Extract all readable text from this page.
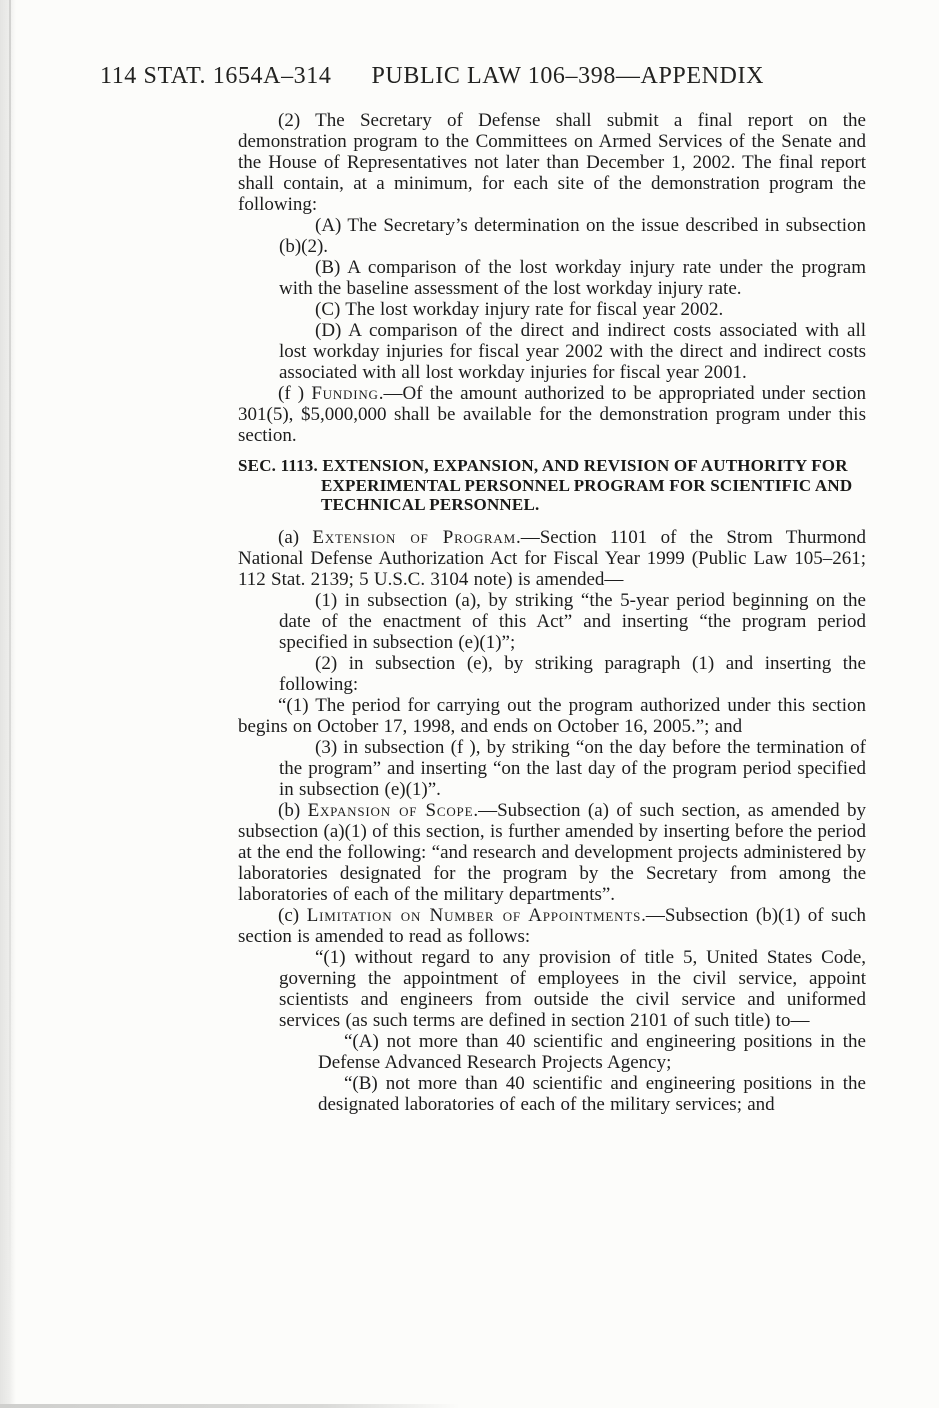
114 STAT. 1654A–314 PUBLIC LAW 106–398—APPENDIX

(2) The Secretary of Defense shall submit a final report on the demonstration program to the Committees on Armed Services of the Senate and the House of Representatives not later than December 1, 2002. The final report shall contain, at a minimum, for each site of the demonstration program the following:

(A) The Secretary’s determination on the issue described in subsection (b)(2).

(B) A comparison of the lost workday injury rate under the program with the baseline assessment of the lost workday injury rate.

(C) The lost workday injury rate for fiscal year 2002.

(D) A comparison of the direct and indirect costs associated with all lost workday injuries for fiscal year 2002 with the direct and indirect costs associated with all lost workday injuries for fiscal year 2001.

(f ) Funding.—Of the amount authorized to be appropriated under section 301(5), $5,000,000 shall be available for the demonstration program under this section.

SEC. 1113. EXTENSION, EXPANSION, AND REVISION OF AUTHORITY FOR EXPERIMENTAL PERSONNEL PROGRAM FOR SCIENTIFIC AND TECHNICAL PERSONNEL.

(a) Extension of Program.—Section 1101 of the Strom Thurmond National Defense Authorization Act for Fiscal Year 1999 (Public Law 105–261; 112 Stat. 2139; 5 U.S.C. 3104 note) is amended—

(1) in subsection (a), by striking “the 5-year period beginning on the date of the enactment of this Act” and inserting “the program period specified in subsection (e)(1)”;

(2) in subsection (e), by striking paragraph (1) and inserting the following:

“(1) The period for carrying out the program authorized under this section begins on October 17, 1998, and ends on October 16, 2005.”; and

(3) in subsection (f ), by striking “on the day before the termination of the program” and inserting “on the last day of the program period specified in subsection (e)(1)”.

(b) Expansion of Scope.—Subsection (a) of such section, as amended by subsection (a)(1) of this section, is further amended by inserting before the period at the end the following: “and research and development projects administered by laboratories designated for the program by the Secretary from among the laboratories of each of the military departments”.

(c) Limitation on Number of Appointments.—Subsection (b)(1) of such section is amended to read as follows:

“(1) without regard to any provision of title 5, United States Code, governing the appointment of employees in the civil service, appoint scientists and engineers from outside the civil service and uniformed services (as such terms are defined in section 2101 of such title) to—

“(A) not more than 40 scientific and engineering positions in the Defense Advanced Research Projects Agency;

“(B) not more than 40 scientific and engineering positions in the designated laboratories of each of the military services; and
